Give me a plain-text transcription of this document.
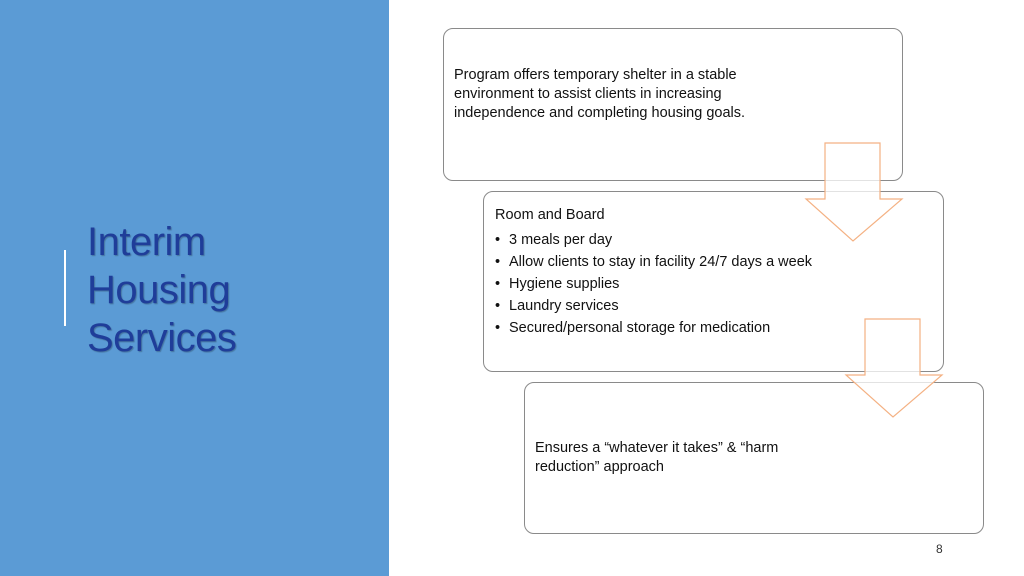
Interim
Housing
Services
Program offers temporary shelter in a stable environment to assist clients in increasing independence and completing housing goals.
Room and Board
• 3 meals per day
• Allow clients to stay in facility 24/7 days a week
• Hygiene supplies
• Laundry services
• Secured/personal storage for medication
Ensures a “whatever it takes” & “harm reduction” approach
8
